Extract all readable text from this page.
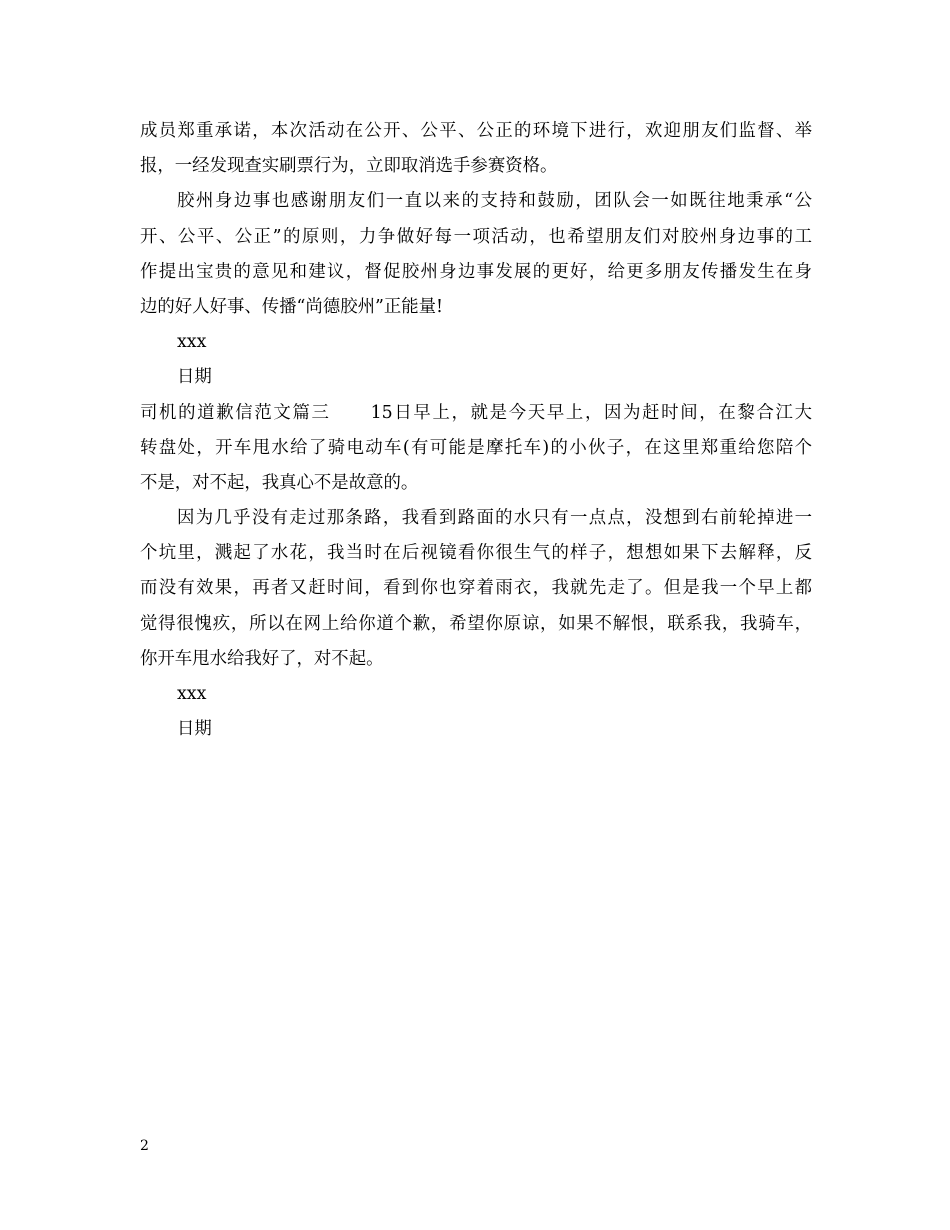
成员郑重承诺，本次活动在公开、公平、公正的环境下进行，欢迎朋友们监督、举
报，一经发现查实刷票行为，立即取消选手参赛资格。
胶州身边事也感谢朋友们一直以来的支持和鼓励，团队会一如既往地秉承“公
开、公平、公正”的原则，力争做好每一项活动，也希望朋友们对胶州身边事的工
作提出宝贵的意见和建议，督促胶州身边事发展的更好，给更多朋友传播发生在身
边的好人好事、传播“尚德胶州”正能量!
xxx
日期
司机的道歉信范文篇三 15日早上，就是今天早上，因为赶时间，在黎合江大
转盘处，开车甩水给了骑电动车(有可能是摩托车)的小伙子，在这里郑重给您陪个
不是，对不起，我真心不是故意的。
因为几乎没有走过那条路，我看到路面的水只有一点点，没想到右前轮掉进一
个坑里，溅起了水花，我当时在后视镜看你很生气的样子，想想如果下去解释，反
而没有效果，再者又赶时间，看到你也穿着雨衣，我就先走了。但是我一个早上都
觉得很愧疚，所以在网上给你道个歉，希望你原谅，如果不解恨，联系我，我骑车，
你开车甩水给我好了，对不起。
xxx
日期
2
